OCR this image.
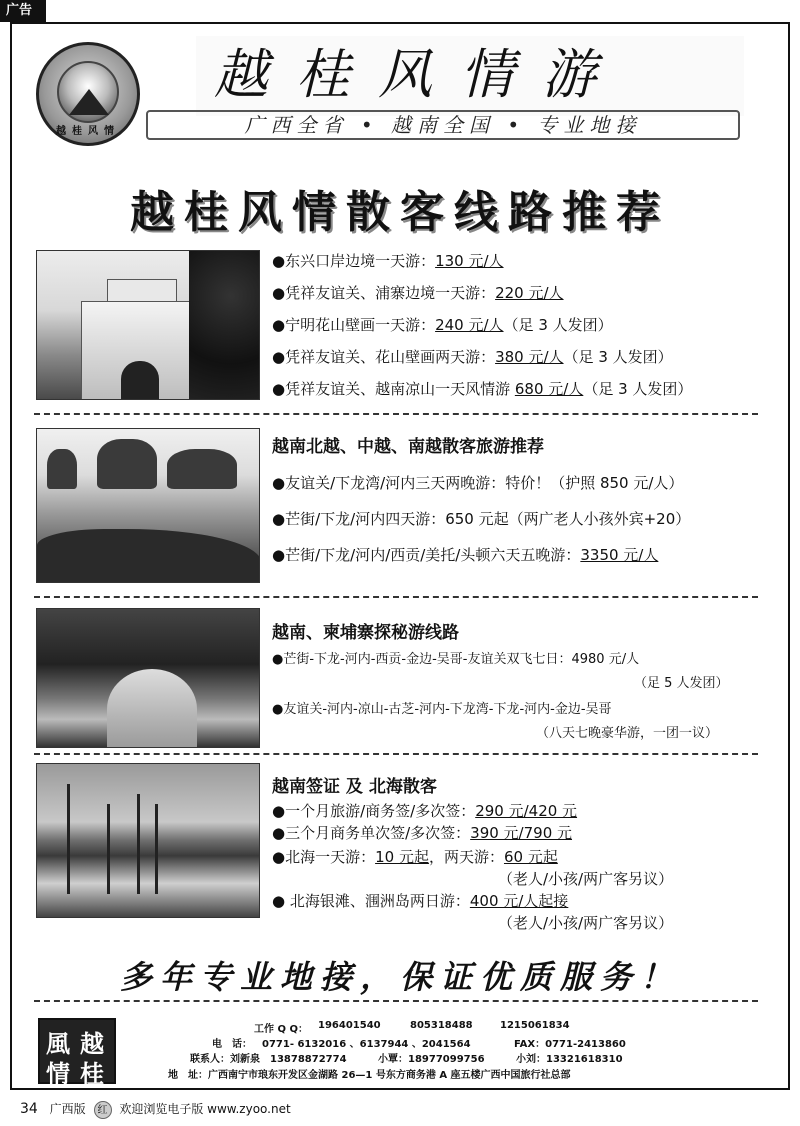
广告
越桂风情
越桂风情游
广西全省 • 越南全国 • 专业地接
越桂风情散客线路推荐
●东兴口岸边境一天游：130 元/人
●凭祥友谊关、浦寨边境一天游：220 元/人
●宁明花山壁画一天游：240 元/人（足 3 人发团）
●凭祥友谊关、花山壁画两天游：380 元/人（足 3 人发团）
●凭祥友谊关、越南凉山一天风情游 680 元/人（足 3 人发团）
越南北越、中越、南越散客旅游推荐
●友谊关/下龙湾/河内三天两晚游：特价！（护照 850 元/人）
●芒街/下龙/河内四天游：650 元起（两广老人小孩外宾+20）
●芒街/下龙/河内/西贡/美托/头顿六天五晚游：3350 元/人
越南、柬埔寨探秘游线路
●芒街-下龙-河内-西贡-金边-吴哥-友谊关双飞七日：4980 元/人
（足 5 人发团）
●友谊关-河内-凉山-古芝-河内-下龙湾-下龙-河内-金边-吴哥
（八天七晚豪华游，一团一议）
越南签证 及 北海散客
●一个月旅游/商务签/多次签：290 元/420 元
●三个月商务单次签/多次签：390 元/790 元
●北海一天游：10 元起，两天游：60 元起
（老人/小孩/两广客另议）
● 北海银滩、涠洲岛两日游：400 元/人起接
（老人/小孩/两广客另议）
多年专业地接，保证优质服务！
風 越
情 桂
工作 Q Q： 196401540	805318488	1215061834
电　话： 0771- 6132016 、6137944 、2041564	FAX：0771-2413860
联系人：刘新泉　13878872774	小覃：18977099756	小刘：13321618310
地　址：广西南宁市琅东开发区金湖路 26—1 号东方商务港 A 座五楼广西中国旅行社总部
34 广西版 红 欢迎浏览电子版 www.zyoo.net
